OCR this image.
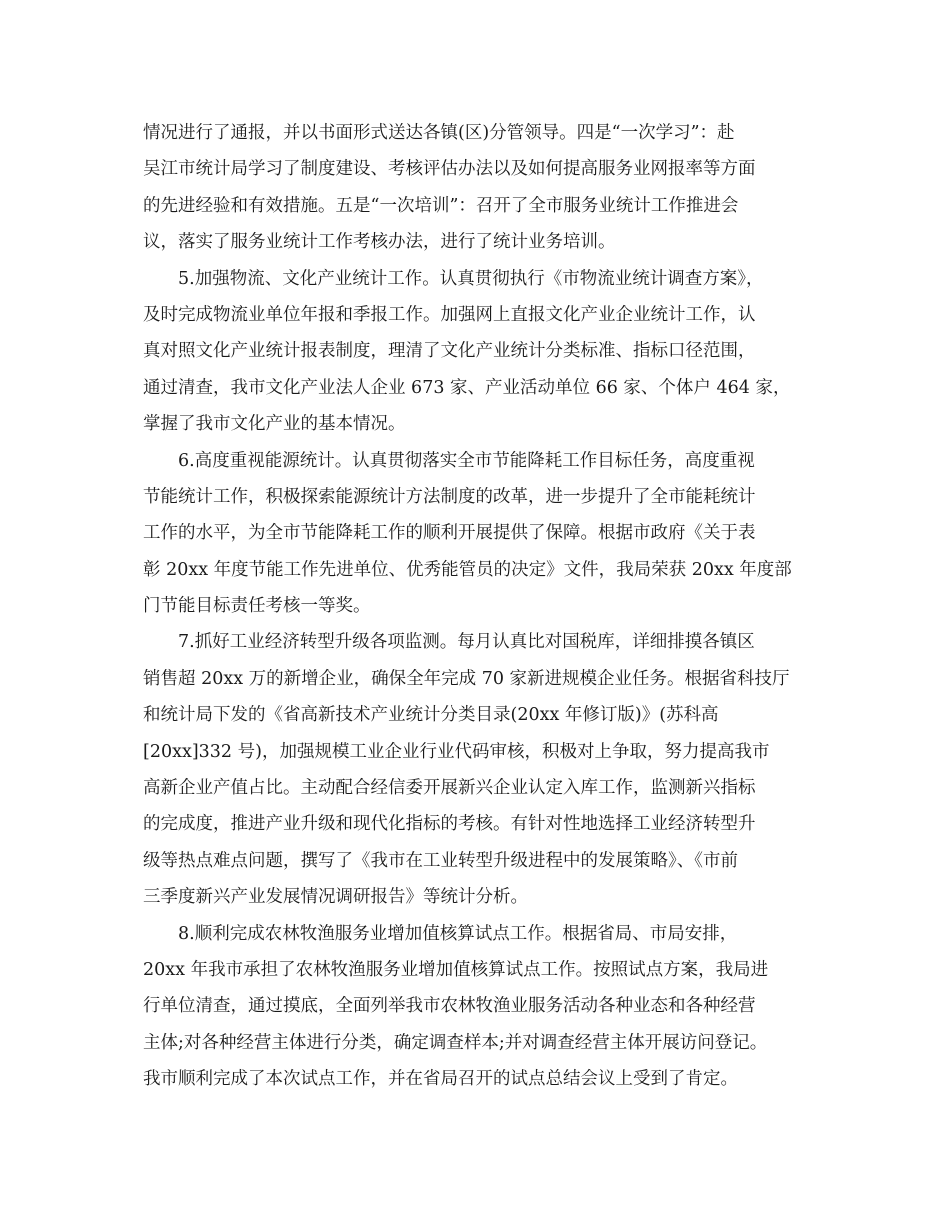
情况进行了通报，并以书面形式送达各镇(区)分管领导。四是“一次学习”：赴
吴江市统计局学习了制度建设、考核评估办法以及如何提高服务业网报率等方面
的先进经验和有效措施。五是“一次培训”：召开了全市服务业统计工作推进会
议，落实了服务业统计工作考核办法，进行了统计业务培训。
5.加强物流、文化产业统计工作。认真贯彻执行《市物流业统计调查方案》，
及时完成物流业单位年报和季报工作。加强网上直报文化产业企业统计工作，认
真对照文化产业统计报表制度，理清了文化产业统计分类标准、指标口径范围，
通过清查，我市文化产业法人企业 673 家、产业活动单位 66 家、个体户 464 家，
掌握了我市文化产业的基本情况。
6.高度重视能源统计。认真贯彻落实全市节能降耗工作目标任务，高度重视
节能统计工作，积极探索能源统计方法制度的改革，进一步提升了全市能耗统计
工作的水平，为全市节能降耗工作的顺利开展提供了保障。根据市政府《关于表
彰 20xx 年度节能工作先进单位、优秀能管员的决定》文件，我局荣获 20xx 年度部
门节能目标责任考核一等奖。
7.抓好工业经济转型升级各项监测。每月认真比对国税库，详细排摸各镇区
销售超 20xx 万的新增企业，确保全年完成 70 家新进规模企业任务。根据省科技厅
和统计局下发的《省高新技术产业统计分类目录(20xx 年修订版)》(苏科高
[20xx]332 号)，加强规模工业企业行业代码审核，积极对上争取，努力提高我市
高新企业产值占比。主动配合经信委开展新兴企业认定入库工作，监测新兴指标
的完成度，推进产业升级和现代化指标的考核。有针对性地选择工业经济转型升
级等热点难点问题，撰写了《我市在工业转型升级进程中的发展策略》、《市前
三季度新兴产业发展情况调研报告》等统计分析。
8.顺利完成农林牧渔服务业增加值核算试点工作。根据省局、市局安排，
20xx 年我市承担了农林牧渔服务业增加值核算试点工作。按照试点方案，我局进
行单位清查，通过摸底，全面列举我市农林牧渔业服务活动各种业态和各种经营
主体;对各种经营主体进行分类，确定调查样本;并对调查经营主体开展访问登记。
我市顺利完成了本次试点工作，并在省局召开的试点总结会议上受到了肯定。
